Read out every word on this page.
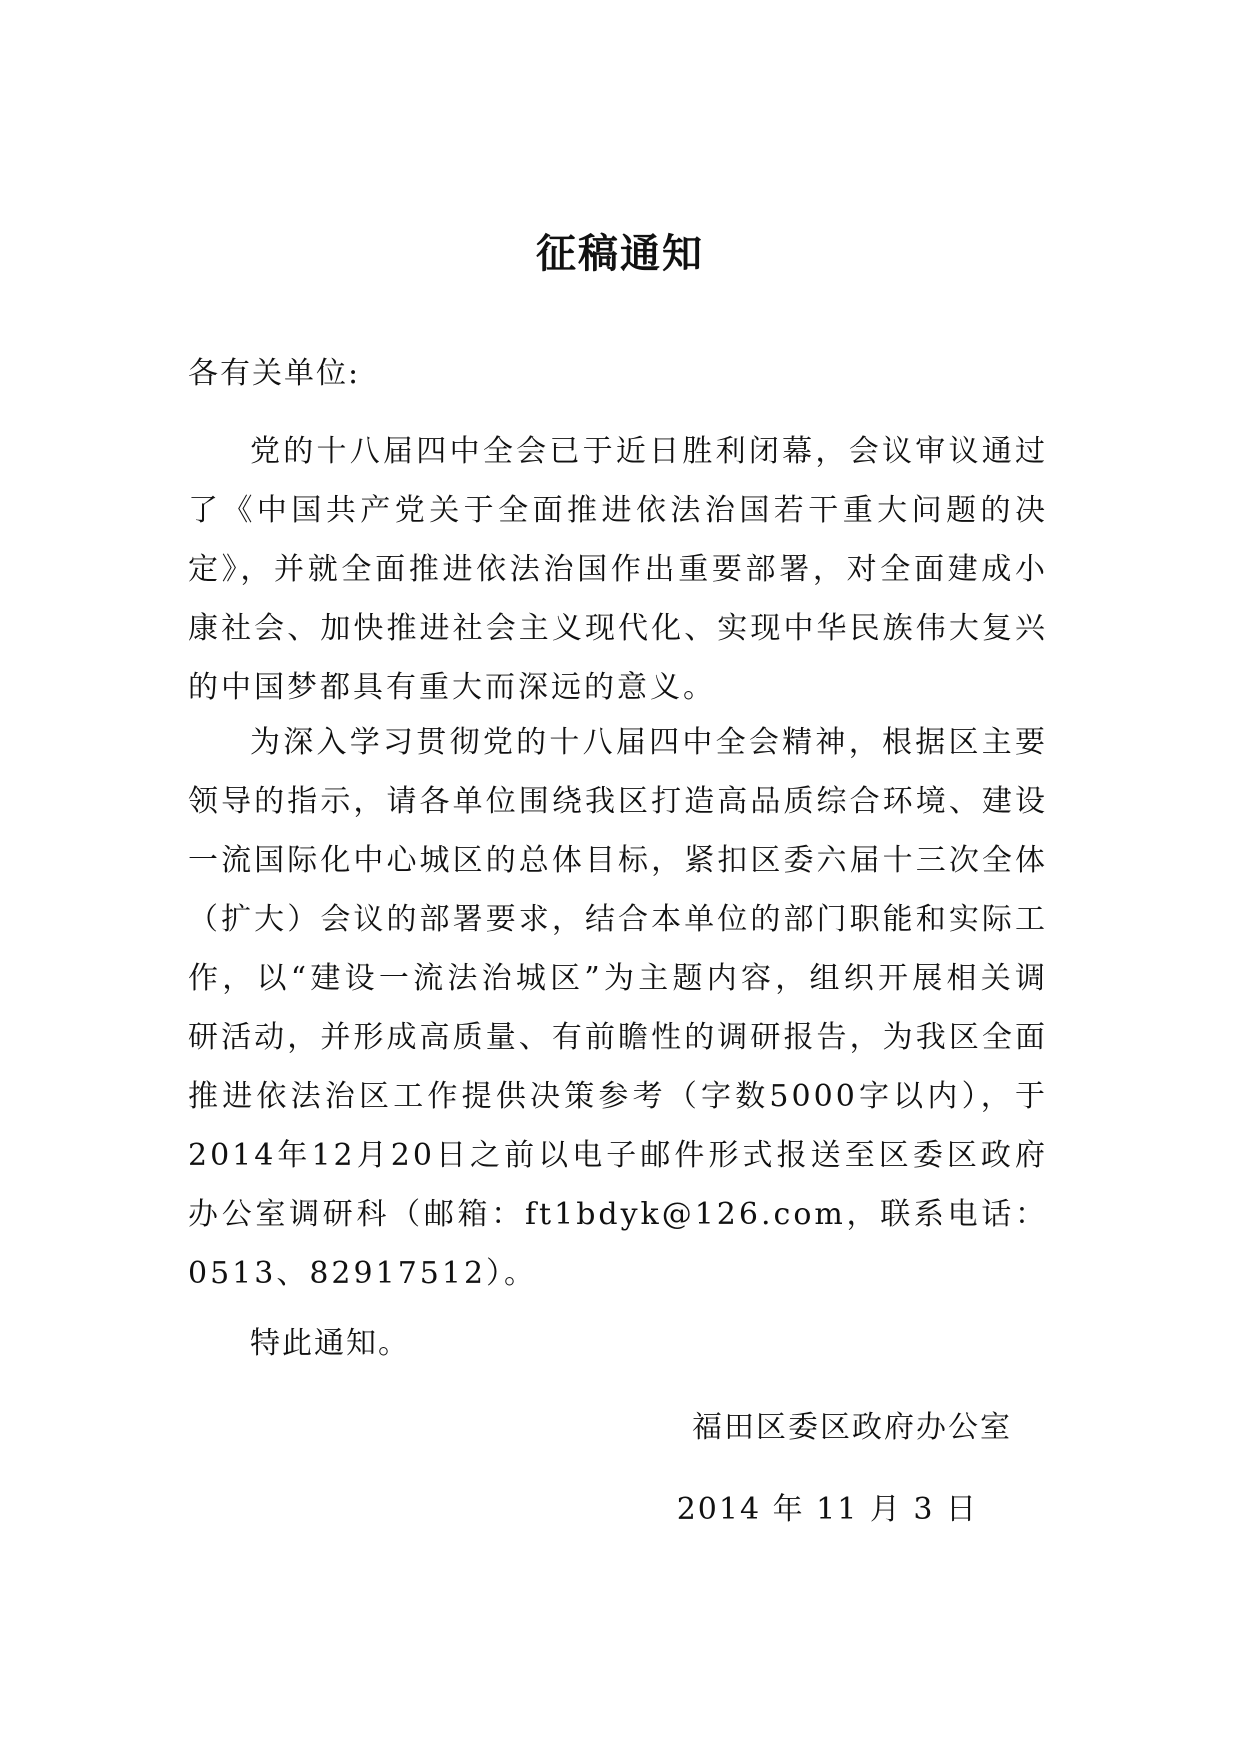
征稿通知
各有关单位:

党的十八届四中全会已于近日胜利闭幕，会议审议通过了《中国共产党关于全面推进依法治国若干重大问题的决定》，并就全面推进依法治国作出重要部署，对全面建成小康社会、加快推进社会主义现代化、实现中华民族伟大复兴的中国梦都具有重大而深远的意义。

为深入学习贯彻党的十八届四中全会精神，根据区主要领导的指示，请各单位围绕我区打造高品质综合环境、建设一流国际化中心城区的总体目标，紧扣区委六届十三次全体（扩大）会议的部署要求，结合本单位的部门职能和实际工作，以“建设一流法治城区”为主题内容，组织开展相关调研活动，并形成高质量、有前瞻性的调研报告，为我区全面推进依法治区工作提供决策参考（字数5000字以内），于2014年12月20日之前以电子邮件形式报送至区委区政府办公室调研科（邮箱：ft1bdyk@126.com，联系电话：0513、82917512）。

特此通知。
福田区委区政府办公室
2014 年 11 月 3 日
